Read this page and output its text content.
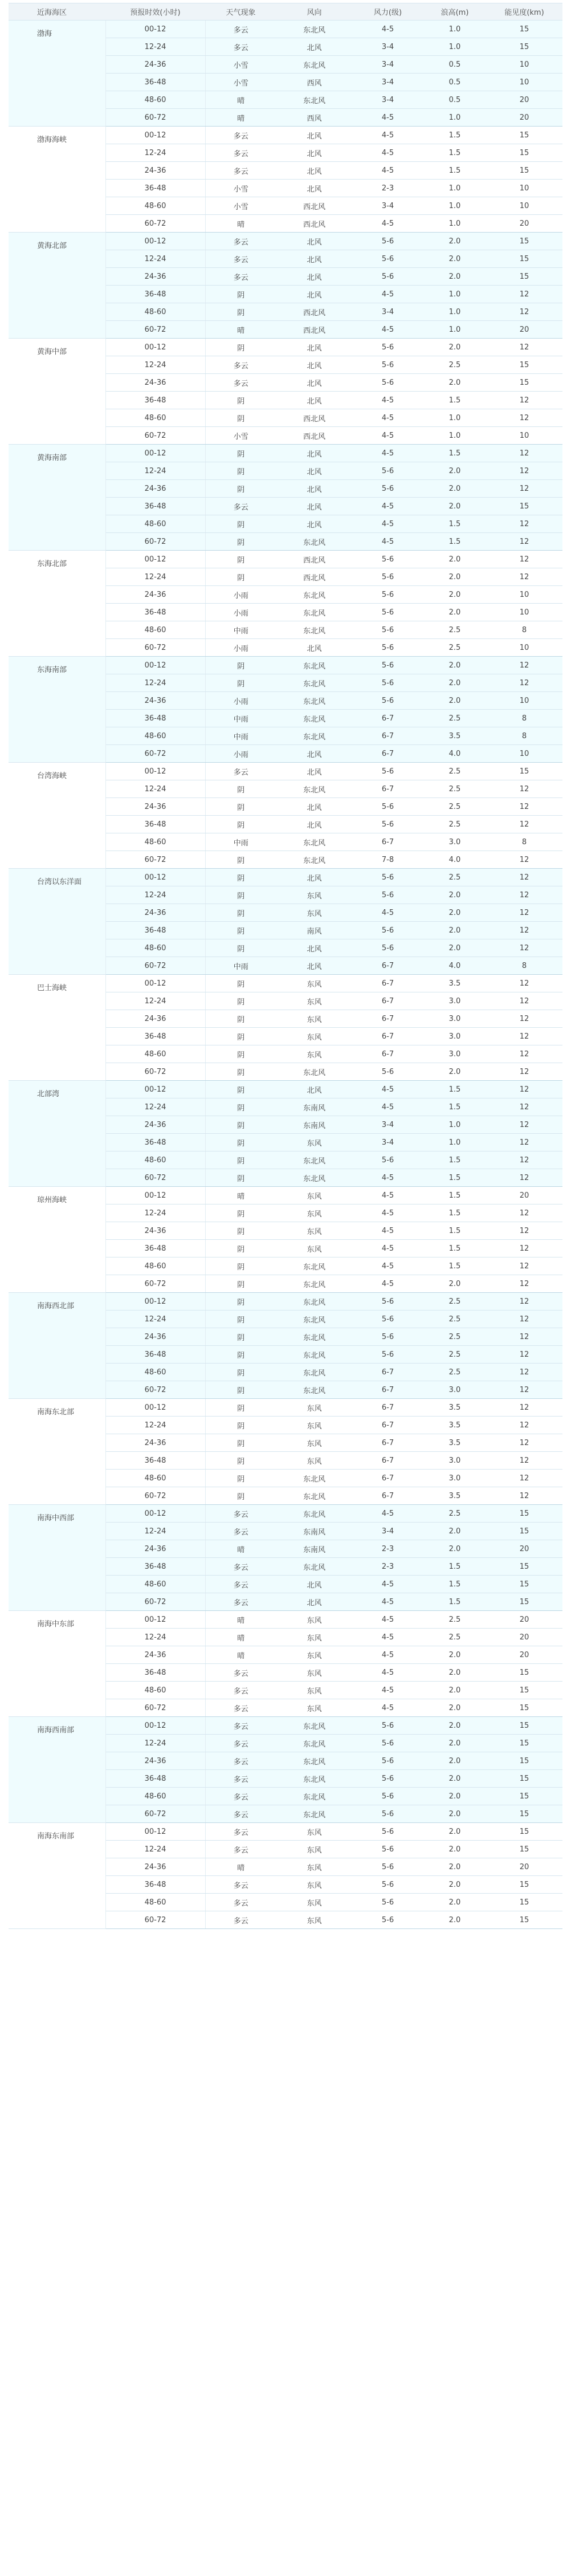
近海海区	预报时效(小时)	天气现象	风向	风力(级)	浪高(m)	能见度(km)
渤海	00-12	多云	东北风	4-5	1.0	15
	12-24	多云	北风	3-4	1.0	15
	24-36	小雪	东北风	3-4	0.5	10
	36-48	小雪	西风	3-4	0.5	10
	48-60	晴	东北风	3-4	0.5	20
	60-72	晴	西风	4-5	1.0	20
渤海海峡	00-12	多云	北风	4-5	1.5	15
	12-24	多云	北风	4-5	1.5	15
	24-36	多云	北风	4-5	1.5	15
	36-48	小雪	北风	2-3	1.0	10
	48-60	小雪	西北风	3-4	1.0	10
	60-72	晴	西北风	4-5	1.0	20
黄海北部	00-12	多云	北风	5-6	2.0	15
	12-24	多云	北风	5-6	2.0	15
	24-36	多云	北风	5-6	2.0	15
	36-48	阴	北风	4-5	1.0	12
	48-60	阴	西北风	3-4	1.0	12
	60-72	晴	西北风	4-5	1.0	20
黄海中部	00-12	阴	北风	5-6	2.0	12
	12-24	多云	北风	5-6	2.5	15
	24-36	多云	北风	5-6	2.0	15
	36-48	阴	北风	4-5	1.5	12
	48-60	阴	西北风	4-5	1.0	12
	60-72	小雪	西北风	4-5	1.0	10
黄海南部	00-12	阴	北风	4-5	1.5	12
	12-24	阴	北风	5-6	2.0	12
	24-36	阴	北风	5-6	2.0	12
	36-48	多云	北风	4-5	2.0	15
	48-60	阴	北风	4-5	1.5	12
	60-72	阴	东北风	4-5	1.5	12
东海北部	00-12	阴	西北风	5-6	2.0	12
	12-24	阴	西北风	5-6	2.0	12
	24-36	小雨	东北风	5-6	2.0	10
	36-48	小雨	东北风	5-6	2.0	10
	48-60	中雨	东北风	5-6	2.5	8
	60-72	小雨	北风	5-6	2.5	10
东海南部	00-12	阴	东北风	5-6	2.0	12
	12-24	阴	东北风	5-6	2.0	12
	24-36	小雨	东北风	5-6	2.0	10
	36-48	中雨	东北风	6-7	2.5	8
	48-60	中雨	东北风	6-7	3.5	8
	60-72	小雨	北风	6-7	4.0	10
台湾海峡	00-12	多云	北风	5-6	2.5	15
	12-24	阴	东北风	6-7	2.5	12
	24-36	阴	北风	5-6	2.5	12
	36-48	阴	北风	5-6	2.5	12
	48-60	中雨	东北风	6-7	3.0	8
	60-72	阴	东北风	7-8	4.0	12
台湾以东洋面	00-12	阴	北风	5-6	2.5	12
	12-24	阴	东风	5-6	2.0	12
	24-36	阴	东风	4-5	2.0	12
	36-48	阴	南风	5-6	2.0	12
	48-60	阴	北风	5-6	2.0	12
	60-72	中雨	北风	6-7	4.0	8
巴士海峡	00-12	阴	东风	6-7	3.5	12
	12-24	阴	东风	6-7	3.0	12
	24-36	阴	东风	6-7	3.0	12
	36-48	阴	东风	6-7	3.0	12
	48-60	阴	东风	6-7	3.0	12
	60-72	阴	东北风	5-6	2.0	12
北部湾	00-12	阴	北风	4-5	1.5	12
	12-24	阴	东南风	4-5	1.5	12
	24-36	阴	东南风	3-4	1.0	12
	36-48	阴	东风	3-4	1.0	12
	48-60	阴	东北风	5-6	1.5	12
	60-72	阴	东北风	4-5	1.5	12
琼州海峡	00-12	晴	东风	4-5	1.5	20
	12-24	阴	东风	4-5	1.5	12
	24-36	阴	东风	4-5	1.5	12
	36-48	阴	东风	4-5	1.5	12
	48-60	阴	东北风	4-5	1.5	12
	60-72	阴	东北风	4-5	2.0	12
南海西北部	00-12	阴	东北风	5-6	2.5	12
	12-24	阴	东北风	5-6	2.5	12
	24-36	阴	东北风	5-6	2.5	12
	36-48	阴	东北风	5-6	2.5	12
	48-60	阴	东北风	6-7	2.5	12
	60-72	阴	东北风	6-7	3.0	12
南海东北部	00-12	阴	东风	6-7	3.5	12
	12-24	阴	东风	6-7	3.5	12
	24-36	阴	东风	6-7	3.5	12
	36-48	阴	东风	6-7	3.0	12
	48-60	阴	东北风	6-7	3.0	12
	60-72	阴	东北风	6-7	3.5	12
南海中西部	00-12	多云	东北风	4-5	2.5	15
	12-24	多云	东南风	3-4	2.0	15
	24-36	晴	东南风	2-3	2.0	20
	36-48	多云	东北风	2-3	1.5	15
	48-60	多云	北风	4-5	1.5	15
	60-72	多云	北风	4-5	1.5	15
南海中东部	00-12	晴	东风	4-5	2.5	20
	12-24	晴	东风	4-5	2.5	20
	24-36	晴	东风	4-5	2.0	20
	36-48	多云	东风	4-5	2.0	15
	48-60	多云	东风	4-5	2.0	15
	60-72	多云	东风	4-5	2.0	15
南海西南部	00-12	多云	东北风	5-6	2.0	15
	12-24	多云	东北风	5-6	2.0	15
	24-36	多云	东北风	5-6	2.0	15
	36-48	多云	东北风	5-6	2.0	15
	48-60	多云	东北风	5-6	2.0	15
	60-72	多云	东北风	5-6	2.0	15
南海东南部	00-12	多云	东风	5-6	2.0	15
	12-24	多云	东风	5-6	2.0	15
	24-36	晴	东风	5-6	2.0	20
	36-48	多云	东风	5-6	2.0	15
	48-60	多云	东风	5-6	2.0	15
	60-72	多云	东风	5-6	2.0	15
